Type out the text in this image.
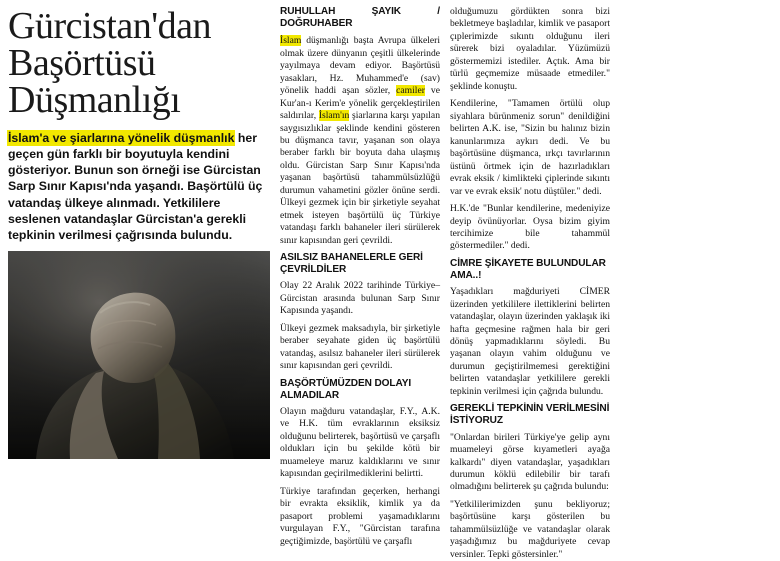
Gürcistan'dan
Başörtüsü
Düşmanlığı
İslam'a ve şiarlarına yönelik düşmanlık her geçen gün farklı bir boyutuyla kendini gösteriyor. Bunun son örneği ise Gürcistan Sarp Sınır Kapısı'nda yaşandı. Başörtülü üç vatandaş ülkeye alınmadı. Yetkililere seslenen vatandaşlar Gürcistan'a gerekli tepkinin verilmesi çağrısında bulundu.
RUHULLAH ŞAYIK / DOĞRUHABER

İslam düşmanlığı başta Avrupa ülkeleri olmak üzere dünyanın çeşitli ülkelerinde yayılmaya devam ediyor. Başörtüsü yasakları, Hz. Muhammed'e (sav) yönelik haddi aşan sözler, camiler ve Kur'an-ı Kerim'e yönelik gerçekleştirilen saldırılar, İslam'ın şiarlarına karşı yapılan saygısızlıklar şeklinde kendini gösteren bu düşmanca tavır, yaşanan son olaya beraber farklı bir boyuta daha ulaşmış oldu. Gürcistan Sarp Sınır Kapısı'nda yaşanan başörtüsü tahammülsüzlüğü durumun vahametini gözler önüne serdi. Ülkeyi gezmek için bir şirketiyle seyahat etmek isteyen başörtülü üç Türkiye vatandaşı farklı bahaneler ileri sürülerek sınır kapısından geri çevrildi.

ASILSIZ BAHANELERLE GERİ ÇEVRİLDİLER

Olay 22 Aralık 2022 tarihinde Türkiye–Gürcistan arasında bulunan Sarp Sınır Kapısında yaşandı.

Ülkeyi gezmek maksadıyla, bir şirketiyle beraber seyahate giden üç başörtülü vatandaş, asılsız bahaneler ileri sürülerek sınır kapısından geri çevrildi.

BAŞÖRTÜMÜZDEN DOLAYI ALMADILAR

Olayın mağduru vatandaşlar, F.Y., A.K. ve H.K. tüm evraklarının eksiksiz olduğunu belirterek, başörtüsü ve çarşaflı oldukları için bu şekilde kötü bir muameleye maruz kaldıklarını ve sınır kapısından geçirilmediklerini belirtti.

Türkiye tarafından geçerken, herhangi bir evrakta eksiklik, kimlik ya da pasaport problemi yaşamadıklarını vurgulayan F.Y., "Gürcistan tarafına geçtiğimizde, başörtülü ve çarşaflı

olduğumuzu gördükten sonra bizi bekletmeye başladılar, kimlik ve pasaport çıplerimizde sıkıntı olduğunu ileri sürerek bizi oyaladılar. Yüzümüzü göstermemizi istediler. Açtık. Ama bir türlü geçmemize müsaade etmediler." şeklinde konuştu.

Kendilerine, "Tamamen örtülü olup siyahlara bürünmeniz sorun" denildiğini belirten A.K. ise, "Sizin bu halınız bizin kanunlarımıza aykırı dedi. Ve bu başörtüsüne düşmanca, ırkçı tavırlarının üstünü örtmek için de hazırladıkları evrak eksik / kimlikteki çiplerinde sıkıntı var ve evrak eksik' notu düştüler." dedi.

H.K.'de "Bunlar kendilerine, medeniyize deyip övünüyorlar. Oysa bizim giyim tercihimize bile tahammül göstermediler." dedi.

CİMRE ŞİKAYETE BULUNDULAR AMA..!

Yaşadıkları mağduriyeti CİMER üzerinden yetkililere ilettiklerini belirten vatandaşlar, olayın üzerinden yaklaşık iki hafta geçmesine rağmen hala bir geri dönüş yapmadıklarını söyledi. Bu yaşanan olayın vahim olduğunu ve durumun geçiştirilmemesi gerektiğini belirten vatandaşlar yetkililere gerekli tepkinin verilmesi için çağrıda bulundu.

GEREKLİ TEPKİNİN VERİLMESİNİ İSTİYORUZ

"Onlardan birileri Türkiye'ye gelip aynı muameleyi görse kıyametleri ayağa kalkardı" diyen vatandaşlar, yaşadıkları durumun köklü edilebilir bir tarafı olmadığını belirterek şu çağrıda bulundu:

"Yetkililerimizden şunu bekliyoruz; başörtüsüne karşı gösterilen bu tahammülsüzlüğe ve vatandaşlar olarak yaşadığımız bu mağduriyete cevap versinler. Tepki göstersinler."
